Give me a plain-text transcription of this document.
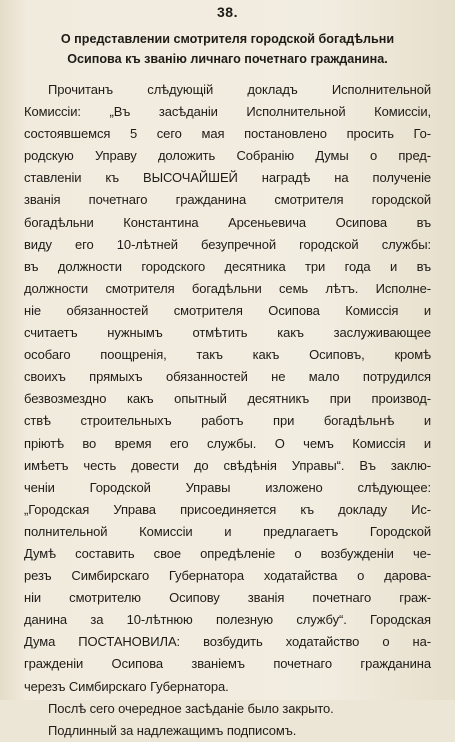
38.
О представлении смотрителя городской богадѣльни
Осипова къ званію личнаго почетнаго гражданина.
Прочитанъ слѣдующій докладъ Исполнительной
Комиссіи: „Въ засѣданіи Исполнительной Комиссіи,
состоявшемся 5 сего мая постановлено просить Го-
родскую Управу доложить Собранію Думы о пред-
ставленіи къ ВЫСОЧАЙШЕЙ наградѣ на полученіе
званія почетнаго гражданина смотрителя городской
богадѣльни Константина Арсеньевича Осипова въ
виду его 10-лѣтней безупречной городской службы:
въ должности городского десятника три года и въ
должности смотрителя богадѣльни семь лѣтъ. Исполне-
ніе обязанностей смотрителя Осипова Комиссія и
считаетъ нужнымъ отмѣтить какъ заслуживающее
особаго поощренія, такъ какъ Осиповъ, кромѣ
своихъ прямыхъ обязанностей не мало потрудился
безвозмездно какъ опытный десятникъ при производ-
ствѣ строительныхъ работъ при богадѣльнѣ и
пріютѣ во время его службы. О чемъ Комиссія и
имѣетъ честь довести до свѣдѣнія Управы“. Въ заклю-
ченіи Городской Управы изложено слѣдующее:
„Городская Управа присоединяется къ докладу Ис-
полнительной Комиссіи и предлагаетъ Городской
Думѣ составить свое опредѣленіе о возбужденіи че-
резъ Симбирскаго Губернатора ходатайства о дарова-
ніи смотрителю Осипову званія почетнаго граж-
данина за 10-лѣтнюю полезную службу“. Городская
Дума ПОСТАНОВИЛА: возбудить ходатайство о на-
гражденіи Осипова званіемъ почетнаго гражданина
черезъ Симбирскаго Губернатора.
Послѣ сего очередное засѣданіе было закрыто.
Подлинный за надлежащимъ подписомъ.
